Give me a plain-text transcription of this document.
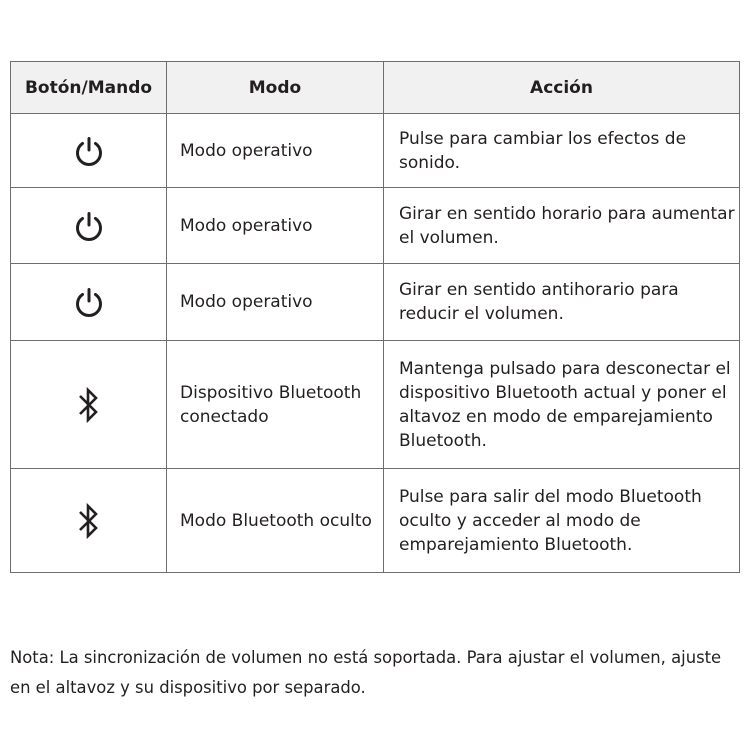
Botón/Mando	Modo	Acción
	Modo operativo	Pulse para cambiar los efectos de sonido.
	Modo operativo	Girar en sentido horario para aumentar el volumen.
	Modo operativo	Girar en sentido antihorario para reducir el volumen.
	Dispositivo Bluetooth conectado	Mantenga pulsado para desconectar el dispositivo Bluetooth actual y poner el altavoz en modo de emparejamiento Bluetooth.
	Modo Bluetooth oculto	Pulse para salir del modo Bluetooth oculto y acceder al modo de emparejamiento Bluetooth.
Nota: La sincronización de volumen no está soportada. Para ajustar el volumen, ajuste en el altavoz y su dispositivo por separado.
